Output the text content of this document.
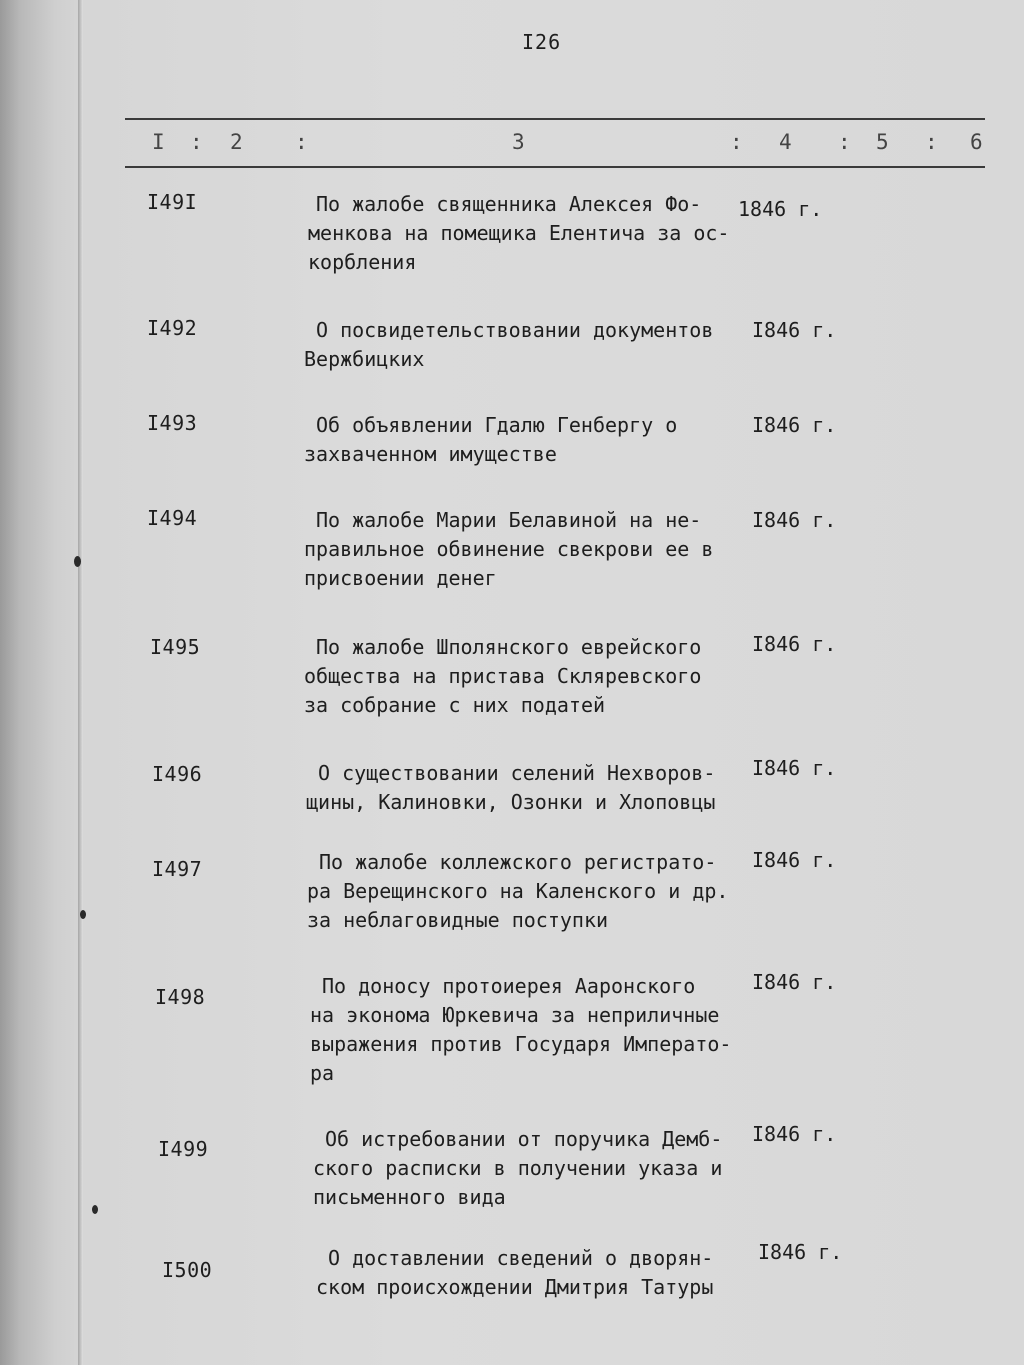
I26
I : 2 :	3	: 4 : 5 : 6
I49I	По жалобе священника Алексея Фо-
менкова на помещика Елентича за ос-
корбления
1846 г.
I492	О посвидетельствовании документов
Вержбицких
I846 г.
I493	Об объявлении Гдалю Генбергу о
захваченном имуществе
I846 г.
I494	По жалобе Марии Белавиной на не-
правильное обвинение свекрови ее в
присвоении денег
I846 г.
I495	По жалобе Шполянского еврейского
общества на пристава Скляревского
за собрание с них податей
I846 г.
I496	О существовании селений Нехворов-
щины, Калиновки, Озонки и Хлоповцы
I846 г.
I497	По жалобе коллежского регистрато-
ра Верещинского на Каленского и др.
за неблаговидные поступки
I846 г.
I498	По доносу протоиерея Ааронского
на эконома Юркевича за неприличные
выражения против Государя Императо-
ра
I846 г.
I499	Об истребовании от поручика Демб-
ского расписки в получении указа и
письменного вида
I846 г.
I500	О доставлении сведений о дворян-
ском происхождении Дмитрия Татуры
I846 г.
